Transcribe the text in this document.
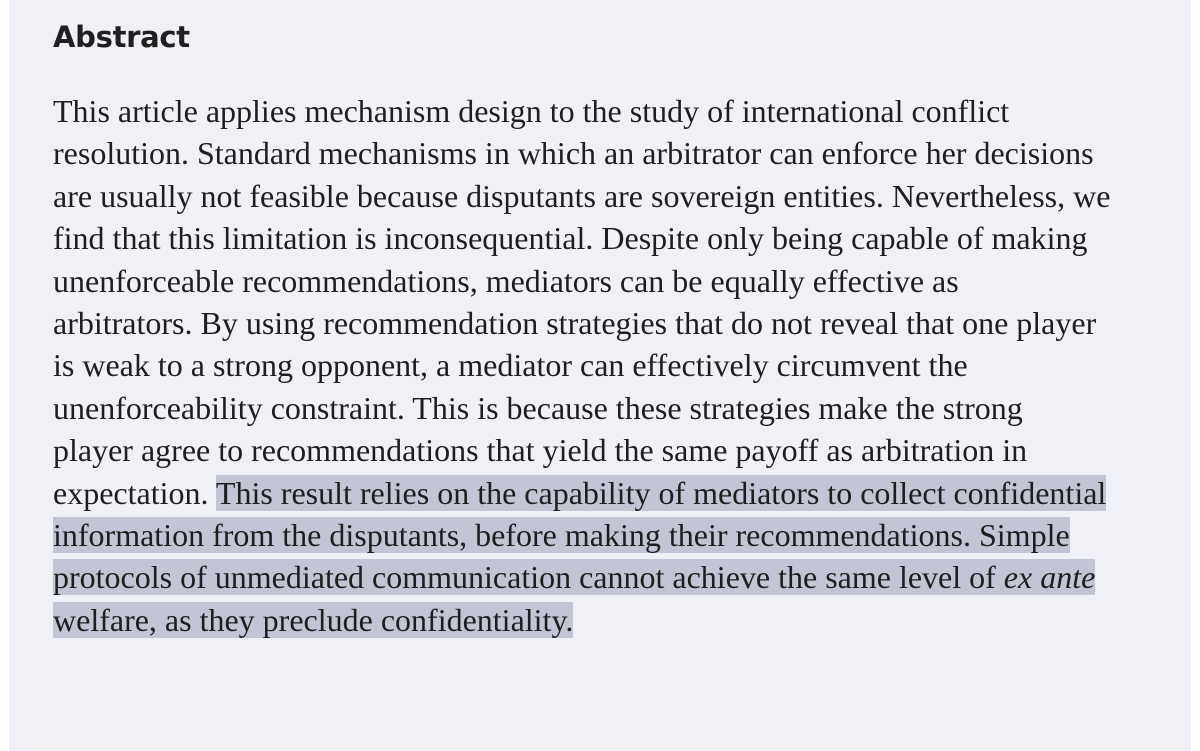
Abstract
This article applies mechanism design to the study of international conflict
resolution. Standard mechanisms in which an arbitrator can enforce her decisions
are usually not feasible because disputants are sovereign entities. Nevertheless, we
find that this limitation is inconsequential. Despite only being capable of making
unenforceable recommendations, mediators can be equally effective as
arbitrators. By using recommendation strategies that do not reveal that one player
is weak to a strong opponent, a mediator can effectively circumvent the
unenforceability constraint. This is because these strategies make the strong
player agree to recommendations that yield the same payoff as arbitration in
expectation. This result relies on the capability of mediators to collect confidential
information from the disputants, before making their recommendations. Simple
protocols of unmediated communication cannot achieve the same level of ex ante
welfare, as they preclude confidentiality.
